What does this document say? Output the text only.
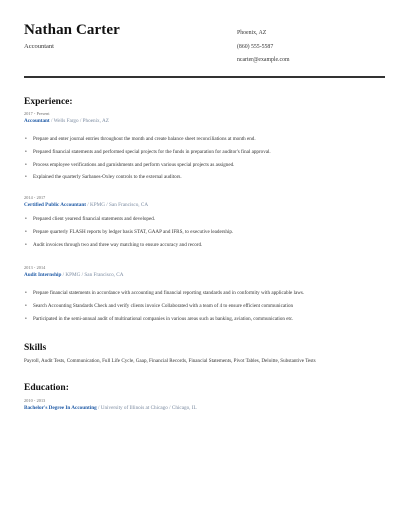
Nathan Carter
Accountant
Phoenix, AZ
(860) 555-5587
ncarter@example.com
Experience:
2017 - Present
Accountant / Wells Fargo / Phoenix, AZ
• Prepare and enter journal entries throughout the month and create balance sheet reconciliations at month end.
• Prepared financial statements and performed special projects for the funds in preparation for auditor's final approval.
• Process employee verifications and garnishments and perform various special projects as assigned.
• Explained the quarterly Sarbanes-Oxley controls to the external auditors.
2014 - 2017
Certified Public Accountant / KPMG / San Francisco, CA
• Prepared client yearend financial statements and developed.
• Prepare quarterly FLASH reports by ledger basis STAT, GAAP and IFRS, to executive leadership.
• Audit invoices through two and three way matching to ensure accuracy and record.
2013 - 2014
Audit Internship / KPMG / San Francisco, CA
• Prepare financial statements in accordance with accounting and financial reporting standards and in conformity with applicable laws.
• Search Accounting Standards Check and verify clients invoice Collaborated with a team of 4 to ensure efficient communication
• Participated in the semi-annual audit of multinational companies in various areas such as banking, aviation, communication etc.
Skills
Payroll, Audit Tests, Communication, Full Life Cycle, Gaap, Financial Records, Financial Statements, Pivot Tables, Deloitte, Substantive Tests
Education:
2010 - 2013
Bachelor's Degree In Accounting / University of Illinois at Chicago / Chicago, IL
